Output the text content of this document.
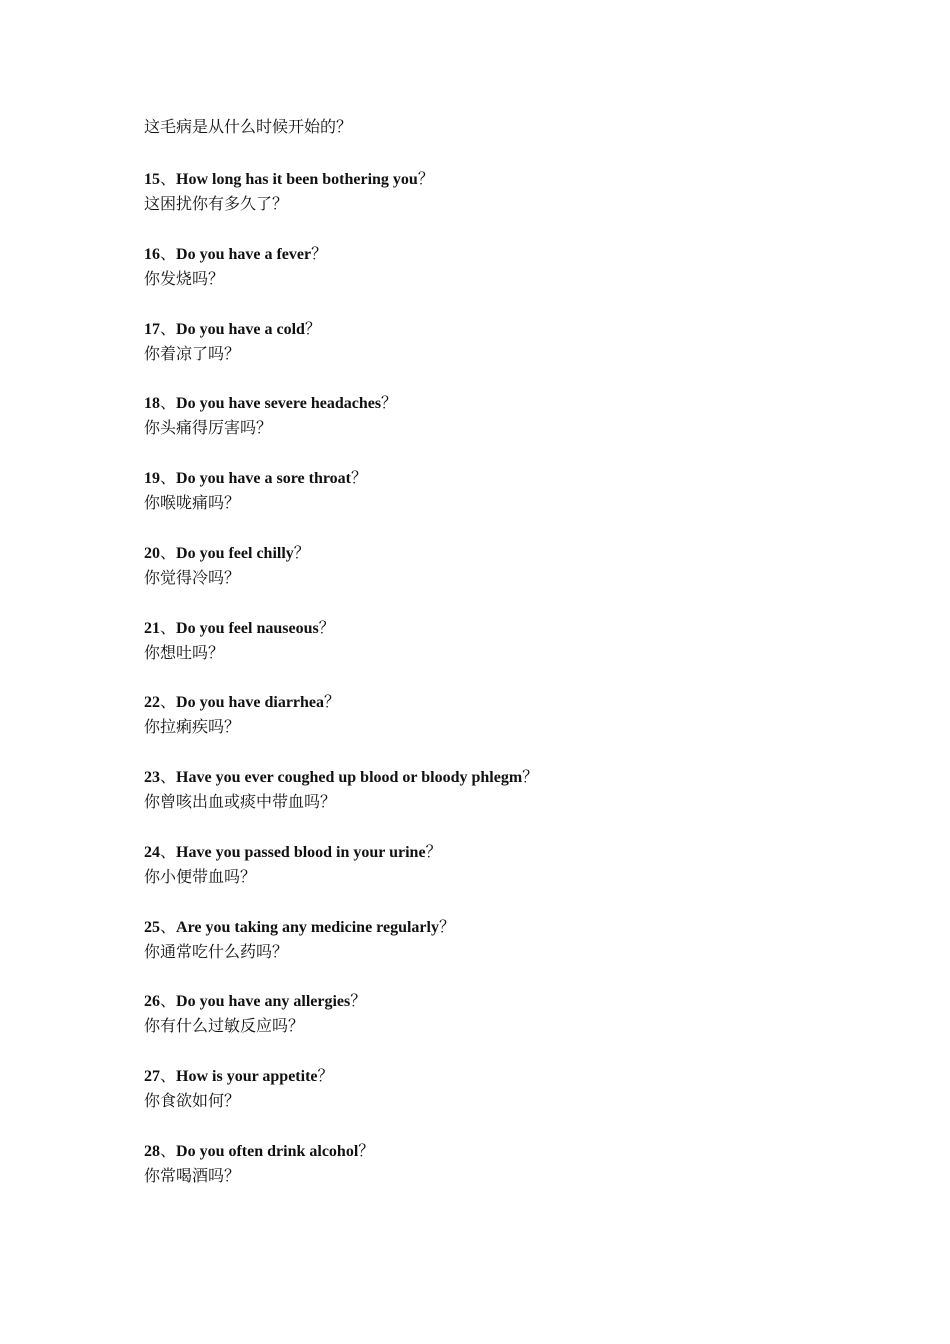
这毛病是从什么时候开始的？
15、How long has it been bothering you？
这困扰你有多久了？
16、Do you have a fever？
你发烧吗？
17、Do you have a cold？
你着凉了吗？
18、Do you have severe headaches？
你头痛得厉害吗？
19、Do you have a sore throat？
你喉咙痛吗？
20、Do you feel chilly？
你觉得冷吗？
21、Do you feel nauseous？
你想吐吗？
22、Do you have diarrhea？
你拉痢疾吗？
23、Have you ever coughed up blood or bloody phlegm？
你曾咳出血或痰中带血吗？
24、Have you passed blood in your urine？
你小便带血吗？
25、Are you taking any medicine regularly？
你通常吃什么药吗？
26、Do you have any allergies？
你有什么过敏反应吗？
27、How is your appetite？
你食欲如何？
28、Do you often drink alcohol？
你常喝酒吗？
